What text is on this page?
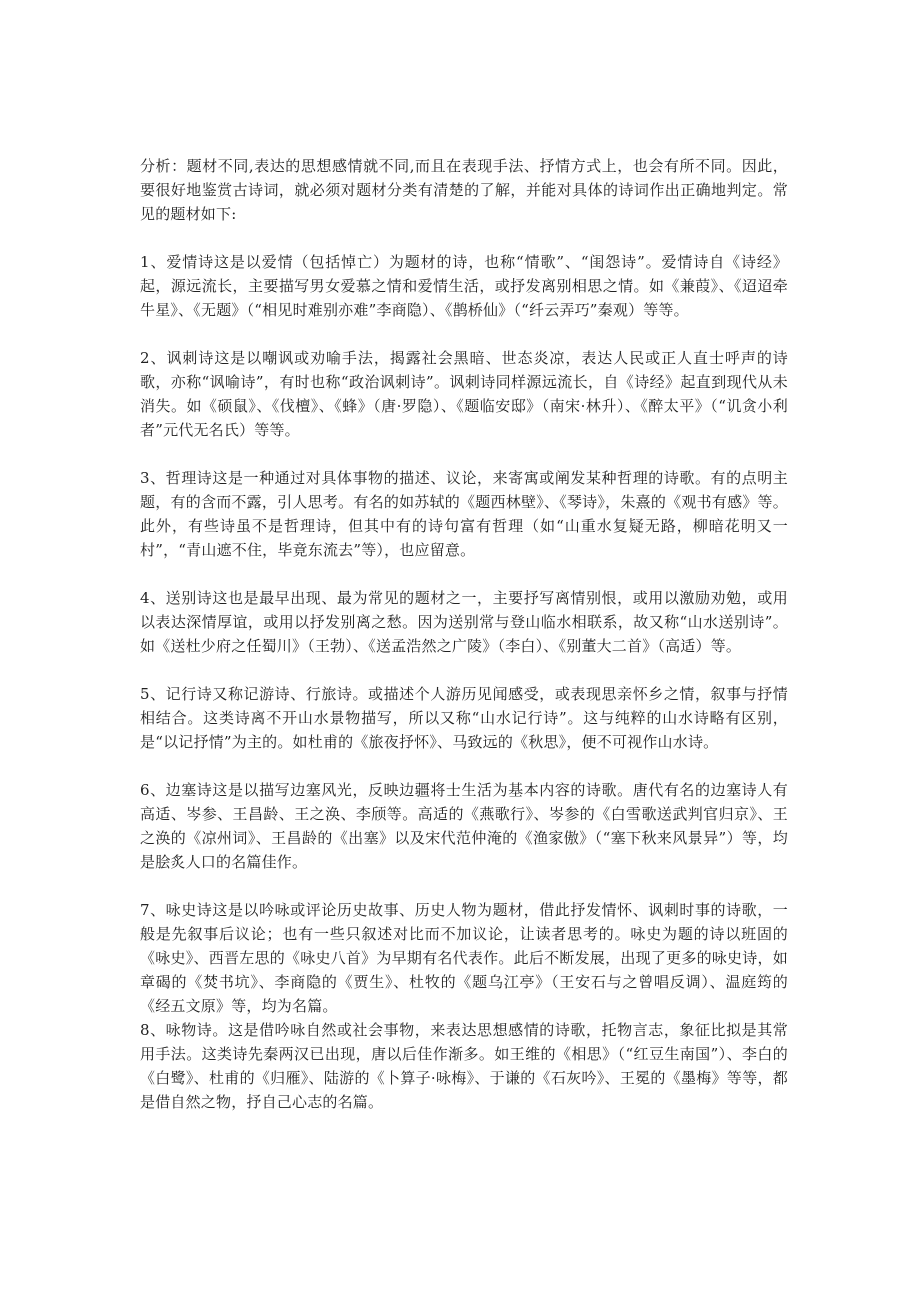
分析：题材不同,表达的思想感情就不同,而且在表现手法、抒情方式上，也会有所不同。因此，要很好地鉴赏古诗词，就必须对题材分类有清楚的了解，并能对具体的诗词作出正确地判定。常见的题材如下:

1、爱情诗这是以爱情（包括悼亡）为题材的诗，也称“情歌”、“闺怨诗”。爱情诗自《诗经》起，源远流长，主要描写男女爱慕之情和爱情生活，或抒发离别相思之情。如《兼葭》、《迢迢牵牛星》、《无题》（“相见时难别亦难”李商隐）、《鹊桥仙》（“纤云弄巧”秦观）等等。

2、讽刺诗这是以嘲讽或劝喻手法，揭露社会黑暗、世态炎凉，表达人民或正人直士呼声的诗歌，亦称“讽喻诗”，有时也称“政治讽刺诗”。讽刺诗同样源远流长，自《诗经》起直到现代从未消失。如《硕鼠》、《伐檀》、《蜂》（唐·罗隐）、《题临安邸》（南宋·林升）、《醉太平》（“讥贪小利者”元代无名氏）等等。

3、哲理诗这是一种通过对具体事物的描述、议论，来寄寓或阐发某种哲理的诗歌。有的点明主题，有的含而不露，引人思考。有名的如苏轼的《题西林壁》、《琴诗》，朱熹的《观书有感》等。此外，有些诗虽不是哲理诗，但其中有的诗句富有哲理（如“山重水复疑无路，柳暗花明又一村”，“青山遮不住，毕竟东流去”等），也应留意。

4、送别诗这也是最早出现、最为常见的题材之一，主要抒写离情别恨，或用以激励劝勉，或用以表达深情厚谊，或用以抒发别离之愁。因为送别常与登山临水相联系，故又称“山水送别诗”。如《送杜少府之任蜀川》（王勃）、《送孟浩然之广陵》（李白）、《别董大二首》（高适）等。

5、记行诗又称记游诗、行旅诗。或描述个人游历见闻感受，或表现思亲怀乡之情，叙事与抒情相结合。这类诗离不开山水景物描写，所以又称“山水记行诗”。这与纯粹的山水诗略有区别，是“以记抒情”为主的。如杜甫的《旅夜抒怀》、马致远的《秋思》，便不可视作山水诗。

6、边塞诗这是以描写边塞风光，反映边疆将士生活为基本内容的诗歌。唐代有名的边塞诗人有高适、岑参、王昌龄、王之涣、李颀等。高适的《燕歌行》、岑参的《白雪歌送武判官归京》、王之涣的《凉州词》、王昌龄的《出塞》以及宋代范仲淹的《渔家傲》（“塞下秋来风景异”）等，均是脍炙人口的名篇佳作。

7、咏史诗这是以吟咏或评论历史故事、历史人物为题材，借此抒发情怀、讽刺时事的诗歌，一般是先叙事后议论；也有一些只叙述对比而不加议论，让读者思考的。咏史为题的诗以班固的《咏史》、西晋左思的《咏史八首》为早期有名代表作。此后不断发展，出现了更多的咏史诗，如章碣的《焚书坑》、李商隐的《贾生》、杜牧的《题乌江亭》（王安石与之曾唱反调）、温庭筠的《经五文原》等，均为名篇。

8、咏物诗。这是借吟咏自然或社会事物，来表达思想感情的诗歌，托物言志，象征比拟是其常用手法。这类诗先秦两汉已出现，唐以后佳作渐多。如王维的《相思》（“红豆生南国”）、李白的《白鹭》、杜甫的《归雁》、陆游的《卜算子·咏梅》、于谦的《石灰吟》、王冕的《墨梅》等等，都是借自然之物，抒自己心志的名篇。
